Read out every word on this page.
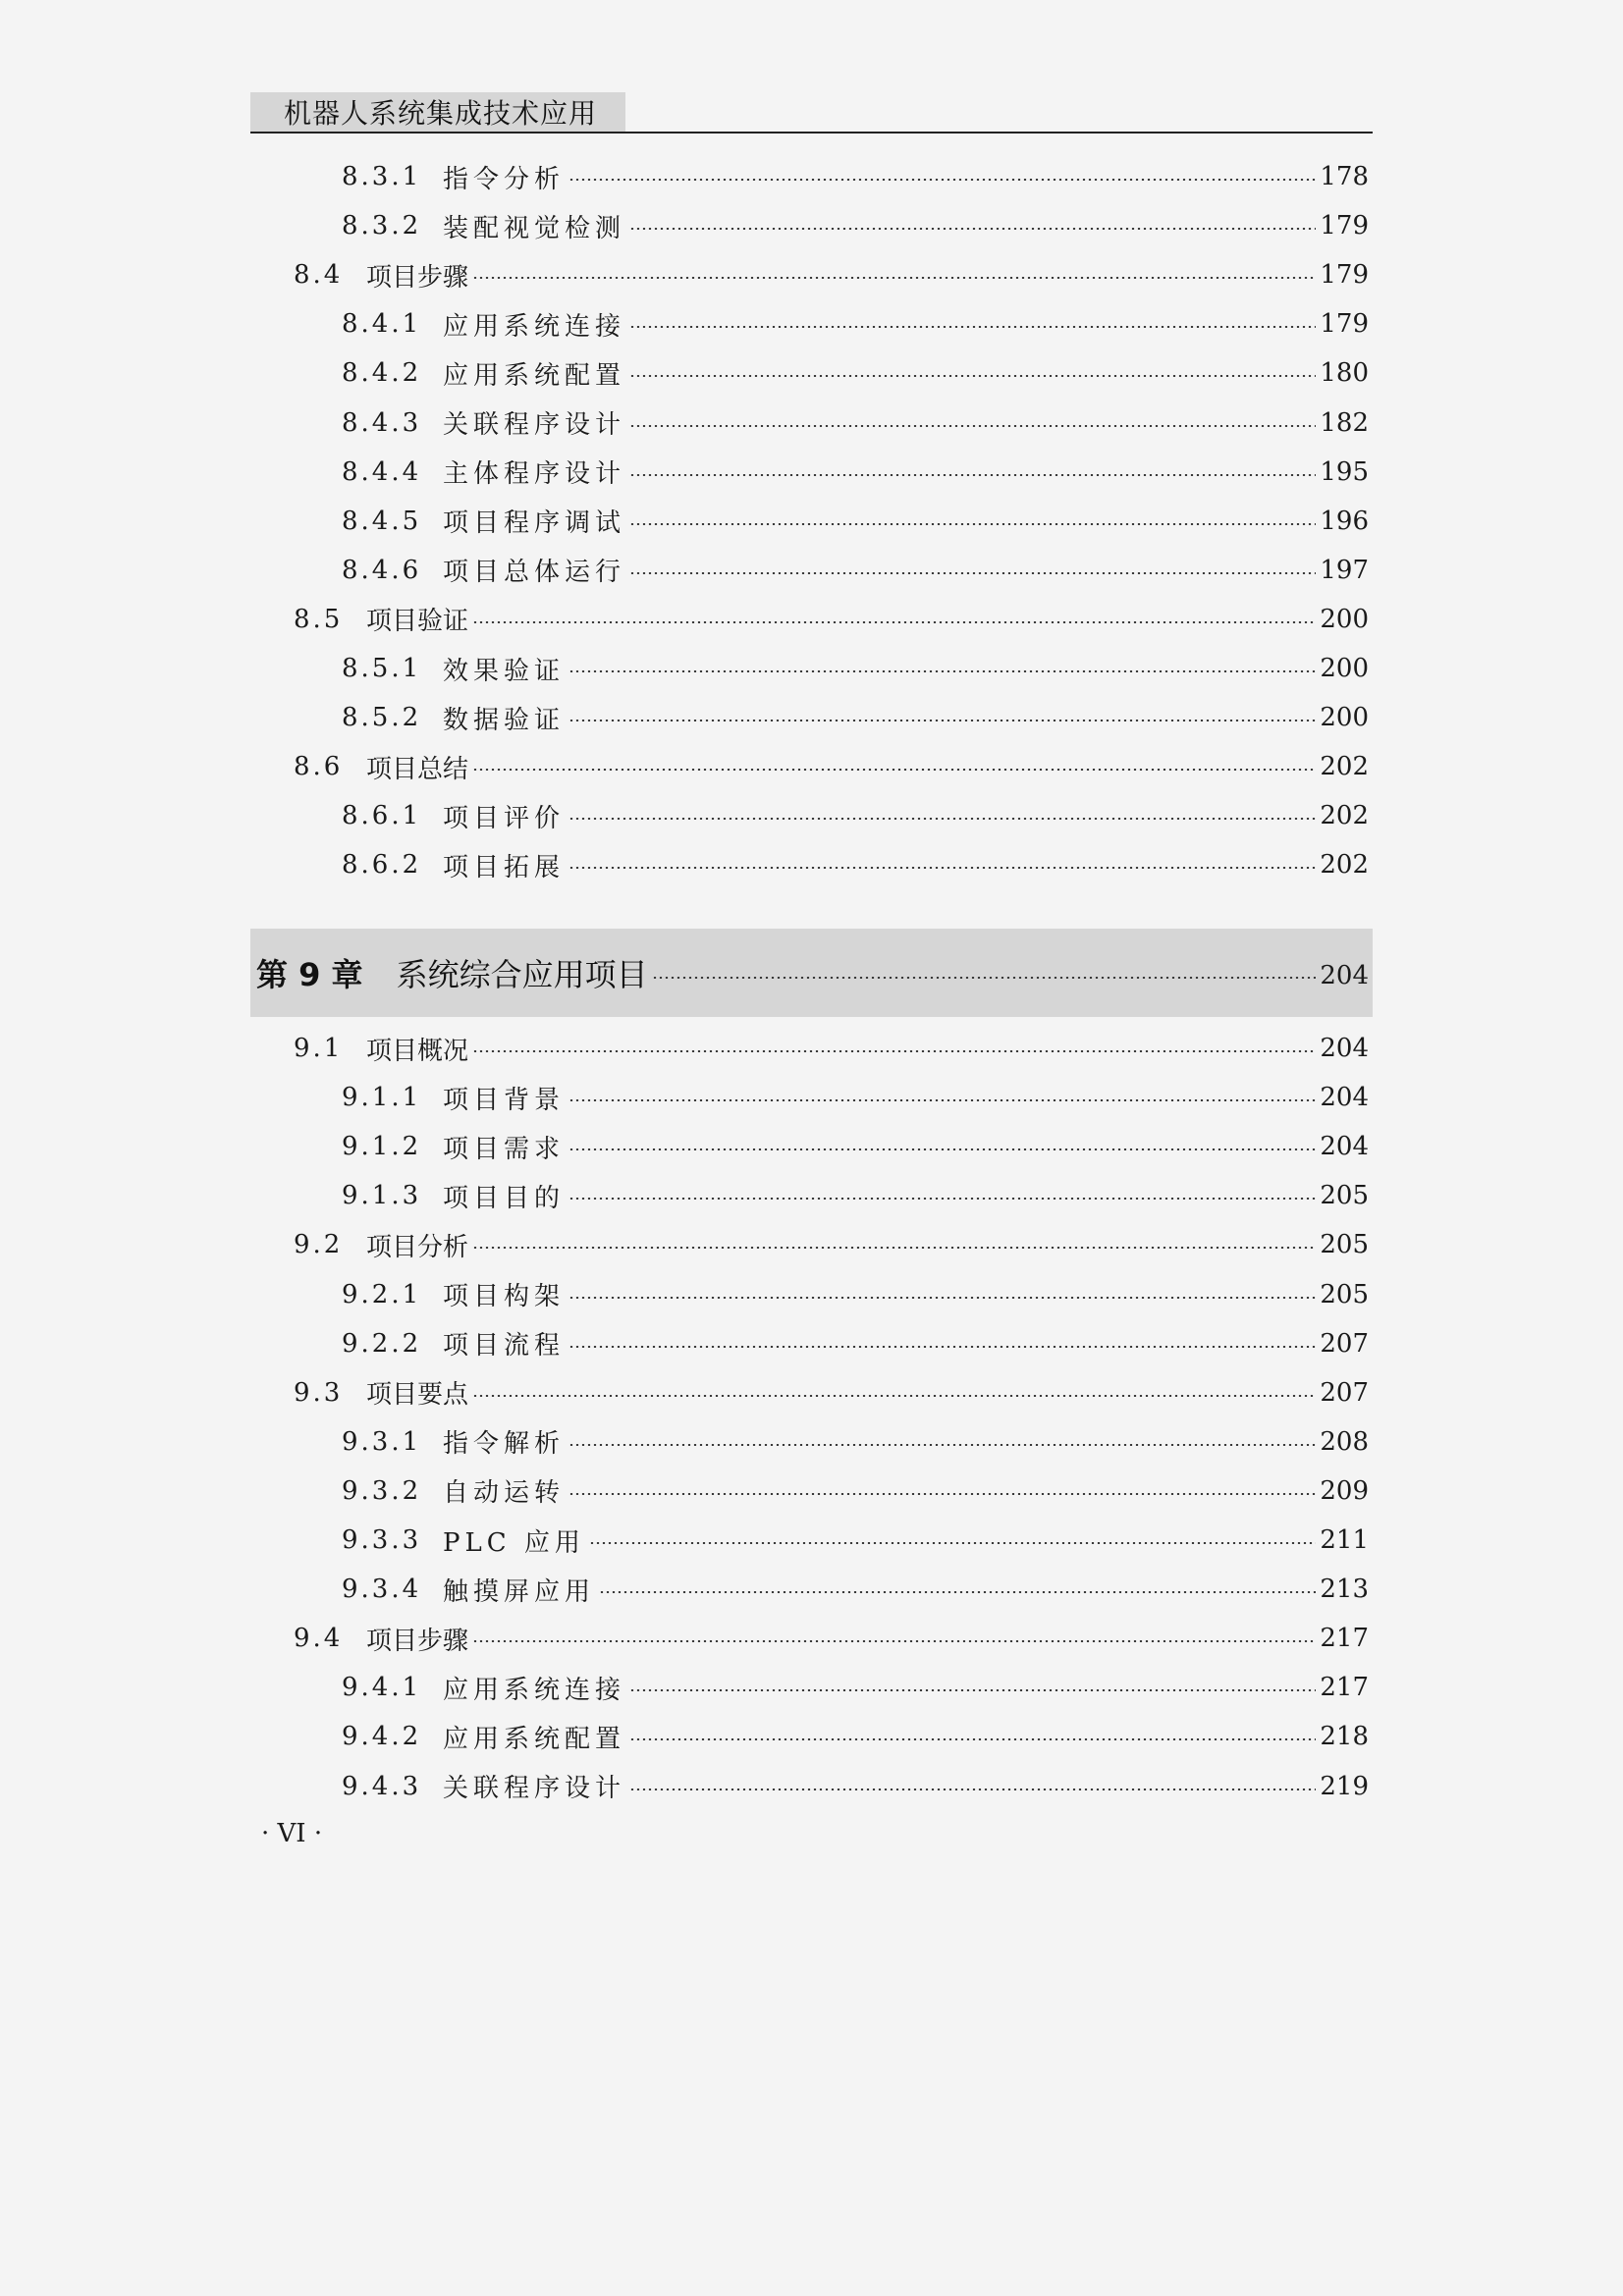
机器人系统集成技术应用
8.3.1 指令分析	178
8.3.2 装配视觉检测	179
8.4 项目步骤	179
8.4.1 应用系统连接	179
8.4.2 应用系统配置	180
8.4.3 关联程序设计	182
8.4.4 主体程序设计	195
8.4.5 项目程序调试	196
8.4.6 项目总体运行	197
8.5 项目验证	200
8.5.1 效果验证	200
8.5.2 数据验证	200
8.6 项目总结	202
8.6.1 项目评价	202
8.6.2 项目拓展	202
第 9 章 系统综合应用项目	204
9.1 项目概况	204
9.1.1 项目背景	204
9.1.2 项目需求	204
9.1.3 项目目的	205
9.2 项目分析	205
9.2.1 项目构架	205
9.2.2 项目流程	207
9.3 项目要点	207
9.3.1 指令解析	208
9.3.2 自动运转	209
9.3.3 PLC 应用	211
9.3.4 触摸屏应用	213
9.4 项目步骤	217
9.4.1 应用系统连接	217
9.4.2 应用系统配置	218
9.4.3 关联程序设计	219
· VI ·
